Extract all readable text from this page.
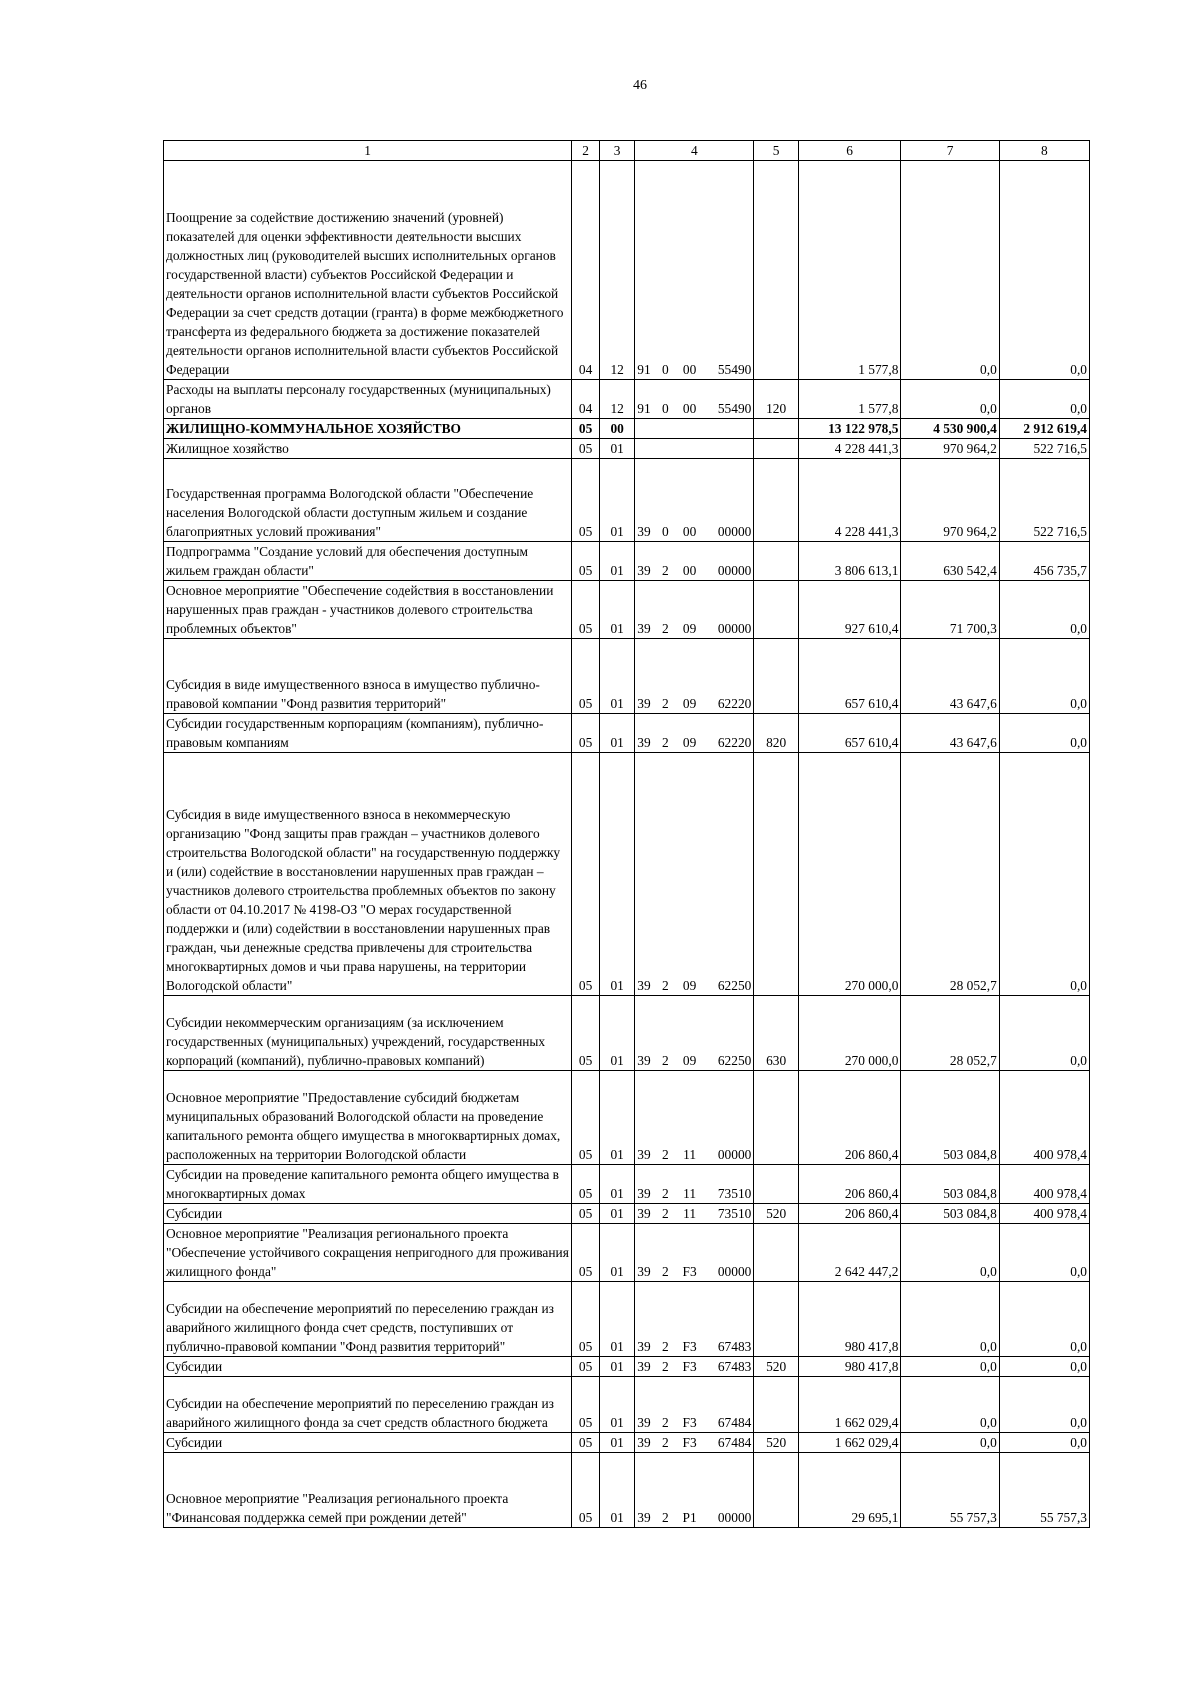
46
1	2	3	4				5	6	7	8
Поощрение за содействие достижению значений (уровней) показателей для оценки эффективности деятельности высших должностных лиц (руководителей высших исполнительных органов государственной власти) субъектов Российской Федерации и деятельности органов исполнительной власти субъектов Российской Федерации за счет средств дотации (гранта) в форме межбюджетного трансферта из федерального бюджета за достижение показателей деятельности органов исполнительной власти субъектов Российской Федерации	04	12	91	0	00	55490		1 577,8	0,0	0,0
Расходы на выплаты персоналу государственных (муниципальных) органов	04	12	91	0	00	55490	120	1 577,8	0,0	0,0
ЖИЛИЩНО-КОММУНАЛЬНОЕ ХОЗЯЙСТВО	05	00						13 122 978,5	4 530 900,4	2 912 619,4
Жилищное хозяйство	05	01						4 228 441,3	970 964,2	522 716,5
Государственная программа Вологодской области "Обеспечение населения Вологодской области доступным жильем и создание благоприятных условий проживания"	05	01	39	0	00	00000		4 228 441,3	970 964,2	522 716,5
Подпрограмма "Создание условий для обеспечения доступным жильем граждан области"	05	01	39	2	00	00000		3 806 613,1	630 542,4	456 735,7
Основное мероприятие "Обеспечение содействия в восстановлении нарушенных прав граждан - участников долевого строительства проблемных объектов"	05	01	39	2	09	00000		927 610,4	71 700,3	0,0
Субсидия в виде имущественного взноса в имущество публично-правовой компании "Фонд развития территорий"	05	01	39	2	09	62220		657 610,4	43 647,6	0,0
Субсидии государственным корпорациям (компаниям), публично-правовым компаниям	05	01	39	2	09	62220	820	657 610,4	43 647,6	0,0
Субсидия в виде имущественного взноса в некоммерческую организацию "Фонд защиты прав граждан – участников долевого строительства Вологодской области" на государственную поддержку и (или) содействие в восстановлении нарушенных прав граждан – участников долевого строительства проблемных объектов по закону области от 04.10.2017 № 4198-ОЗ "О мерах государственной поддержки и (или) содействии в восстановлении нарушенных прав граждан, чьи денежные средства привлечены для строительства многоквартирных домов и чьи права нарушены, на территории Вологодской области"	05	01	39	2	09	62250		270 000,0	28 052,7	0,0
Субсидии некоммерческим организациям (за исключением государственных (муниципальных) учреждений, государственных корпораций (компаний), публично-правовых компаний)	05	01	39	2	09	62250	630	270 000,0	28 052,7	0,0
Основное мероприятие "Предоставление субсидий бюджетам муниципальных образований Вологодской области на проведение капитального ремонта общего имущества в многоквартирных домах, расположенных на территории Вологодской области	05	01	39	2	11	00000		206 860,4	503 084,8	400 978,4
Субсидии на проведение капитального ремонта общего имущества в многоквартирных домах	05	01	39	2	11	73510		206 860,4	503 084,8	400 978,4
Субсидии	05	01	39	2	11	73510	520	206 860,4	503 084,8	400 978,4
Основное мероприятие "Реализация регионального проекта "Обеспечение устойчивого сокращения непригодного для проживания жилищного фонда"	05	01	39	2	F3	00000		2 642 447,2	0,0	0,0
Субсидии на обеспечение мероприятий по переселению граждан из аварийного жилищного фонда счет средств, поступивших от публично-правовой компании "Фонд развития территорий"	05	01	39	2	F3	67483		980 417,8	0,0	0,0
Субсидии	05	01	39	2	F3	67483	520	980 417,8	0,0	0,0
Субсидии на обеспечение мероприятий по переселению граждан из аварийного жилищного фонда за счет средств областного бюджета	05	01	39	2	F3	67484		1 662 029,4	0,0	0,0
Субсидии	05	01	39	2	F3	67484	520	1 662 029,4	0,0	0,0
Основное мероприятие "Реализация регионального проекта "Финансовая поддержка семей при рождении детей"	05	01	39	2	P1	00000		29 695,1	55 757,3	55 757,3
